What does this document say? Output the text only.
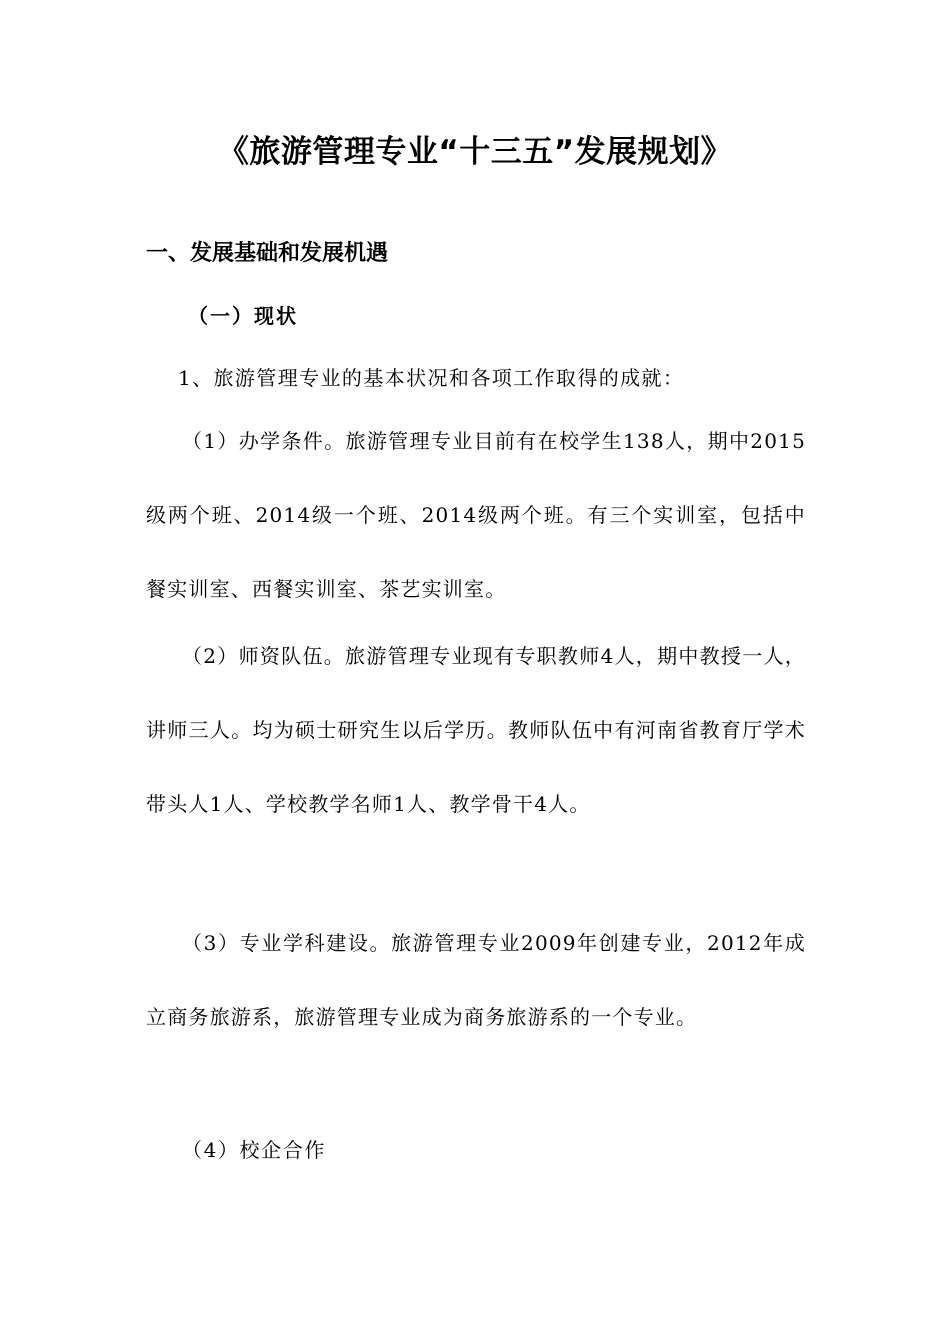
《旅游管理专业“十三五”发展规划》
一、发展基础和发展机遇
（一）现状

1、旅游管理专业的基本状况和各项工作取得的成就：

（1）办学条件。旅游管理专业目前有在校学生138人，期中2015级两个班、2014级一个班、2014级两个班。有三个实训室，包括中餐实训室、西餐实训室、茶艺实训室。

（2）师资队伍。旅游管理专业现有专职教师4人，期中教授一人，讲师三人。均为硕士研究生以后学历。教师队伍中有河南省教育厅学术带头人1人、学校教学名师1人、教学骨干4人。

（3）专业学科建设。旅游管理专业2009年创建专业，2012年成立商务旅游系，旅游管理专业成为商务旅游系的一个专业。

（4）校企合作
